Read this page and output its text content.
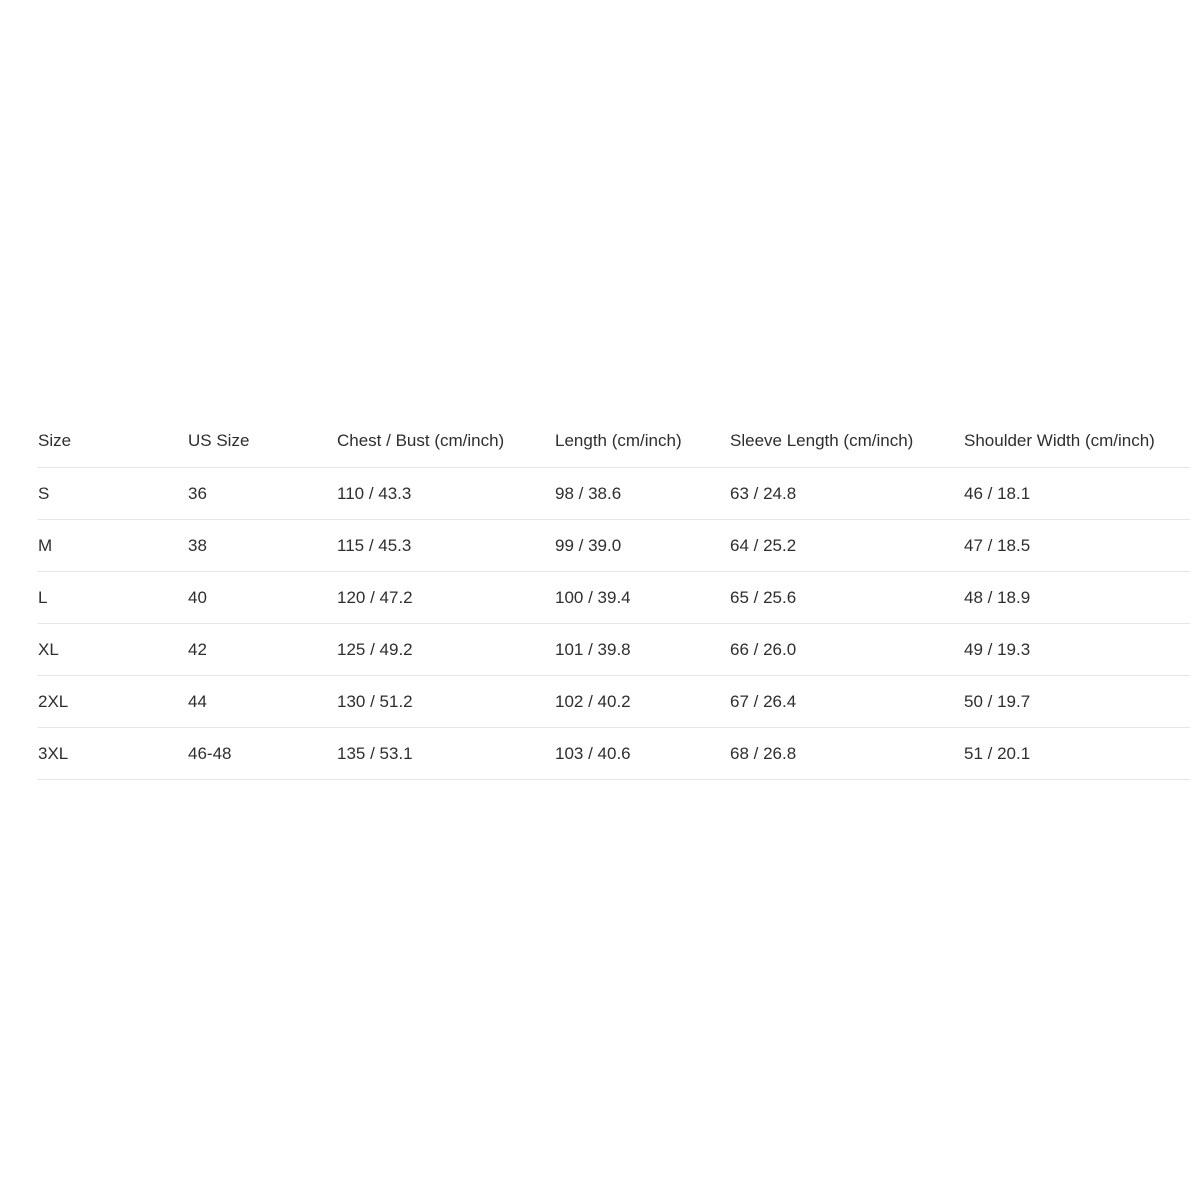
Size	US Size	Chest / Bust (cm/inch)	Length (cm/inch)	Sleeve Length (cm/inch)	Shoulder Width (cm/inch)
S	36	110 / 43.3	98 / 38.6	63 / 24.8	46 / 18.1
M	38	115 / 45.3	99 / 39.0	64 / 25.2	47 / 18.5
L	40	120 / 47.2	100 / 39.4	65 / 25.6	48 / 18.9
XL	42	125 / 49.2	101 / 39.8	66 / 26.0	49 / 19.3
2XL	44	130 / 51.2	102 / 40.2	67 / 26.4	50 / 19.7
3XL	46-48	135 / 53.1	103 / 40.6	68 / 26.8	51 / 20.1
